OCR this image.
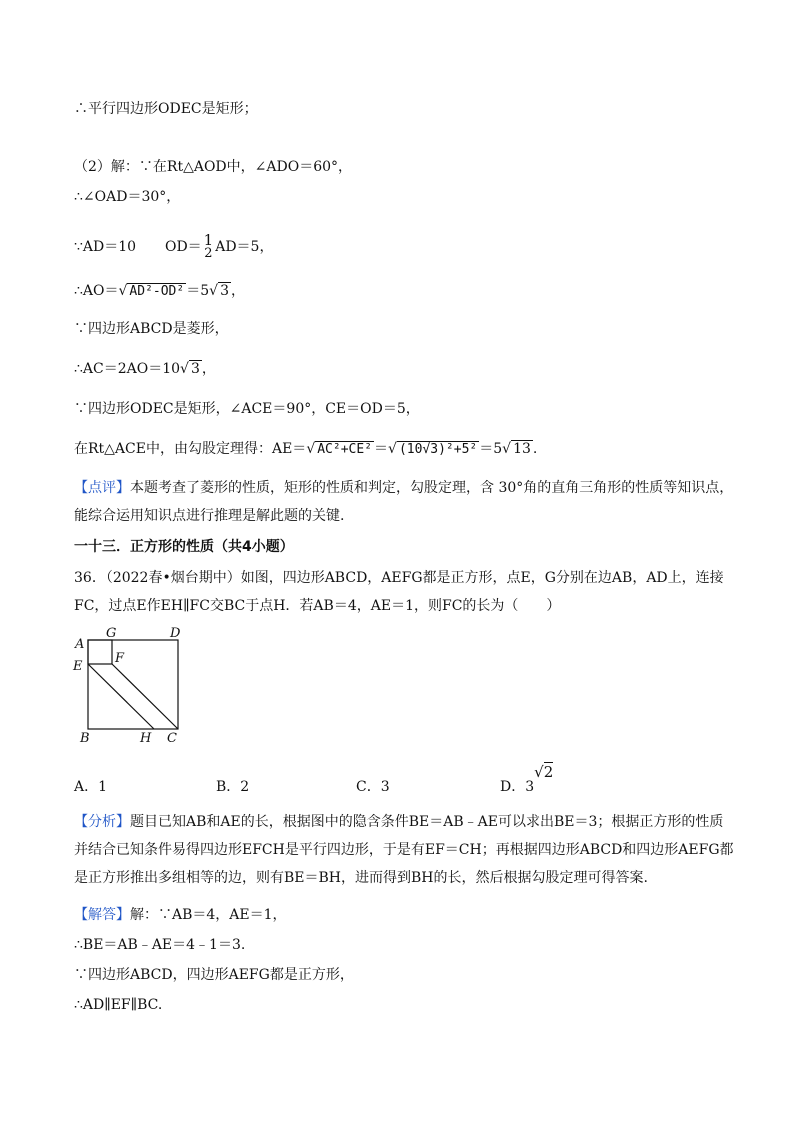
∴平行四边形ODEC是矩形；
（2）解：∵在Rt△AOD中，∠ADO＝60°，
∴∠OAD＝30°，
∵AD＝10 OD＝ 1
2 AD＝5，
∴AO＝√ AD²-OD² ＝5√ 3 ，
∵四边形ABCD是菱形，
∴AC＝2AO＝10√ 3 ，
∵四边形ODEC是矩形，∠ACE＝90°，CE＝OD＝5，
在Rt△ACE中，由勾股定理得：AE＝√ AC²+CE² ＝√ (10√3)²+5² ＝5√ 13 .
【点评】本题考查了菱形的性质，矩形的性质和判定，勾股定理，含 30°角的直角三角形的性质等知识点，能综合运用知识点进行推理是解此题的关键.
一十三．正方形的性质（共4小题）
36．（2022春•烟台期中）如图，四边形ABCD，AEFG都是正方形，点E，G分别在边AB，AD上，连接FC，过点E作EH∥FC交BC于点H．若AB＝4，AE＝1，则FC的长为（　　）
A
G	D
E
F
B	H C
A．1	B．2	C．3	D．3√2
【分析】题目已知AB和AE的长，根据图中的隐含条件BE＝AB﹣AE可以求出BE＝3；根据正方形的性质并结合已知条件易得四边形EFCH是平行四边形，于是有EF＝CH；再根据四边形ABCD和四边形AEFG都是正方形推出多组相等的边，则有BE＝BH，进而得到BH的长，然后根据勾股定理可得答案.
【解答】解：∵AB＝4，AE＝1，
∴BE＝AB﹣AE＝4﹣1＝3.
∵四边形ABCD，四边形AEFG都是正方形，
∴AD∥EF∥BC.
